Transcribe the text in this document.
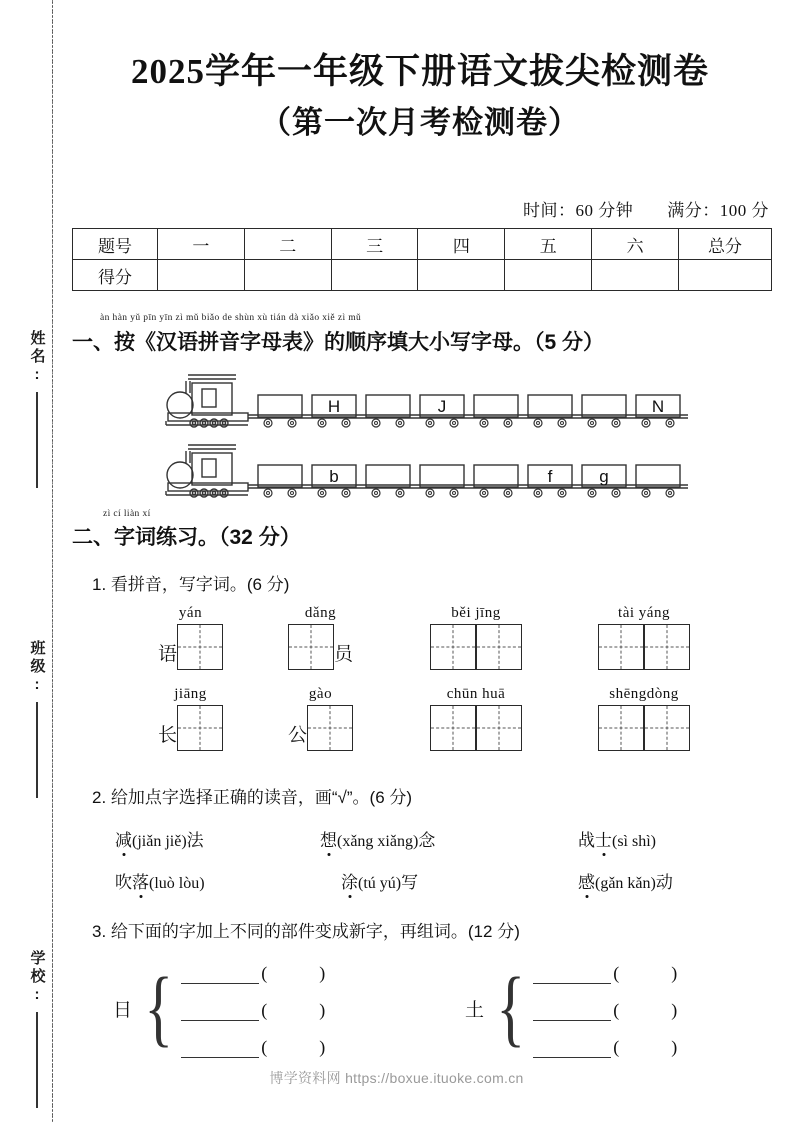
姓名:
班级:
学校:
2025学年一年级下册语文拔尖检测卷
（第一次月考检测卷）
时间：60 分钟 满分：100 分
题号	一	二	三	四	五	六	总分
得分							
àn hàn yǔ pīn yīn zì mǔ biǎo de shùn xù tián dà xiǎo xiě zì mǔ
一、按《汉语拼音字母表》的顺序填大小写字母。（5 分）
H	J	N
b	f	g
zì cí liàn xí
二、字词练习。（32 分）
1. 看拼音，写字词。(6 分)
yán
语
dǎng
员
běi jīng	tài yáng
jiāng
长
gào
公
chūn huā	shēngdòng
2. 给加点字选择正确的读音，画“√”。(6 分)
减(jiǎn jiě)法	想(xǎng xiǎng)念	战士(sì shì)
吹落(luò lòu)	涂(tú yú)写	感(gǎn kǎn)动
3. 给下面的字加上不同的部件变成新字，再组词。(12 分)
日 {	(	)
(	)
(	)
土 {	(	)
(	)
(	)
博学资料网 https://boxue.ituoke.com.cn
